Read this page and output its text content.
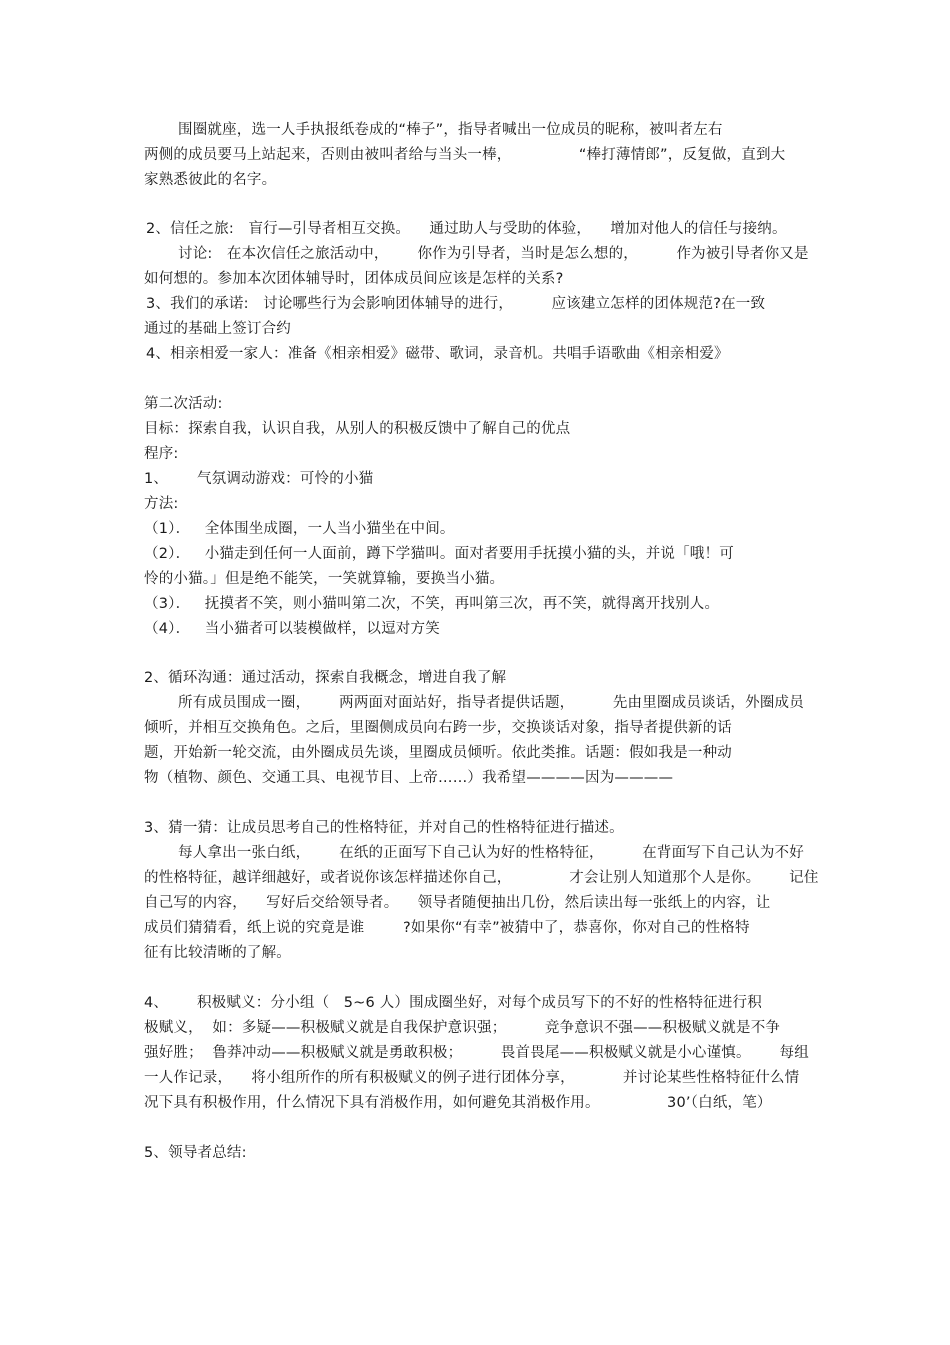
围圈就座，选一人手执报纸卷成的“棒子”，指导者喊出一位成员的昵称，被叫者左右
两侧的成员要马上站起来，否则由被叫者给与当头一棒，              “棒打薄情郎”，反复做，直到大
家熟悉彼此的名字。
2、信任之旅:   盲行—引导者相互交换。    通过助人与受助的体验，    增加对他人的信任与接纳。
讨论:   在本次信任之旅活动中，      你作为引导者，当时是怎么想的，        作为被引导者你又是
如何想的。参加本次团体辅导时，团体成员间应该是怎样的关系?
3、我们的承诺:   讨论哪些行为会影响团体辅导的进行，        应该建立怎样的团体规范?在一致
通过的基础上签订合约
4、相亲相爱一家人：准备《相亲相爱》磁带、歌词，录音机。共唱手语歌曲《相亲相爱》
第二次活动:
目标：探索自我，认识自我，从别人的积极反馈中了解自己的优点
程序:
1、      气氛调动游戏：可怜的小猫
方法:
（1）．   全体围坐成圈，一人当小猫坐在中间。
（2）．   小猫走到任何一人面前，蹲下学猫叫。面对者要用手抚摸小猫的头，并说「哦！可
怜的小猫。」但是绝不能笑，一笑就算输，要换当小猫。
（3）．   抚摸者不笑，则小猫叫第二次，不笑，再叫第三次，再不笑，就得离开找别人。
（4）．   当小猫者可以装模做样，以逗对方笑
2、循环沟通：通过活动，探索自我概念，增进自我了解
所有成员围成一圈，      两两面对面站好，指导者提供话题，        先由里圈成员谈话，外圈成员
倾听，并相互交换角色。之后，里圈侧成员向右跨一步，交换谈话对象，指导者提供新的话
题，开始新一轮交流，由外圈成员先谈，里圈成员倾听。依此类推。话题：假如我是一种动
物（植物、颜色、交通工具、电视节目、上帝……）我希望————因为————
3、猜一猜：让成员思考自己的性格特征，并对自己的性格特征进行描述。
每人拿出一张白纸，      在纸的正面写下自己认为好的性格特征，        在背面写下自己认为不好
的性格特征，越详细越好，或者说你该怎样描述你自己，            才会让别人知道那个人是你。      记住
自己写的内容，    写好后交给领导者。    领导者随便抽出几份，然后读出每一张纸上的内容，让
成员们猜猜看，纸上说的究竟是谁        ?如果你“有幸”被猜中了，恭喜你，你对自己的性格特
征有比较清晰的了解。
4、      积极赋义：分小组（   5~6 人）围成圈坐好，对每个成员写下的不好的性格特征进行积
极赋义，  如：多疑——积极赋义就是自我保护意识强；        竞争意识不强——积极赋义就是不争
强好胜；  鲁莽冲动——积极赋义就是勇敢积极；        畏首畏尾——积极赋义就是小心谨慎。      每组
一人作记录，    将小组所作的所有积极赋义的例子进行团体分享，          并讨论某些性格特征什么情
况下具有积极作用，什么情况下具有消极作用，如何避免其消极作用。              30’（白纸，笔）
5、领导者总结:
